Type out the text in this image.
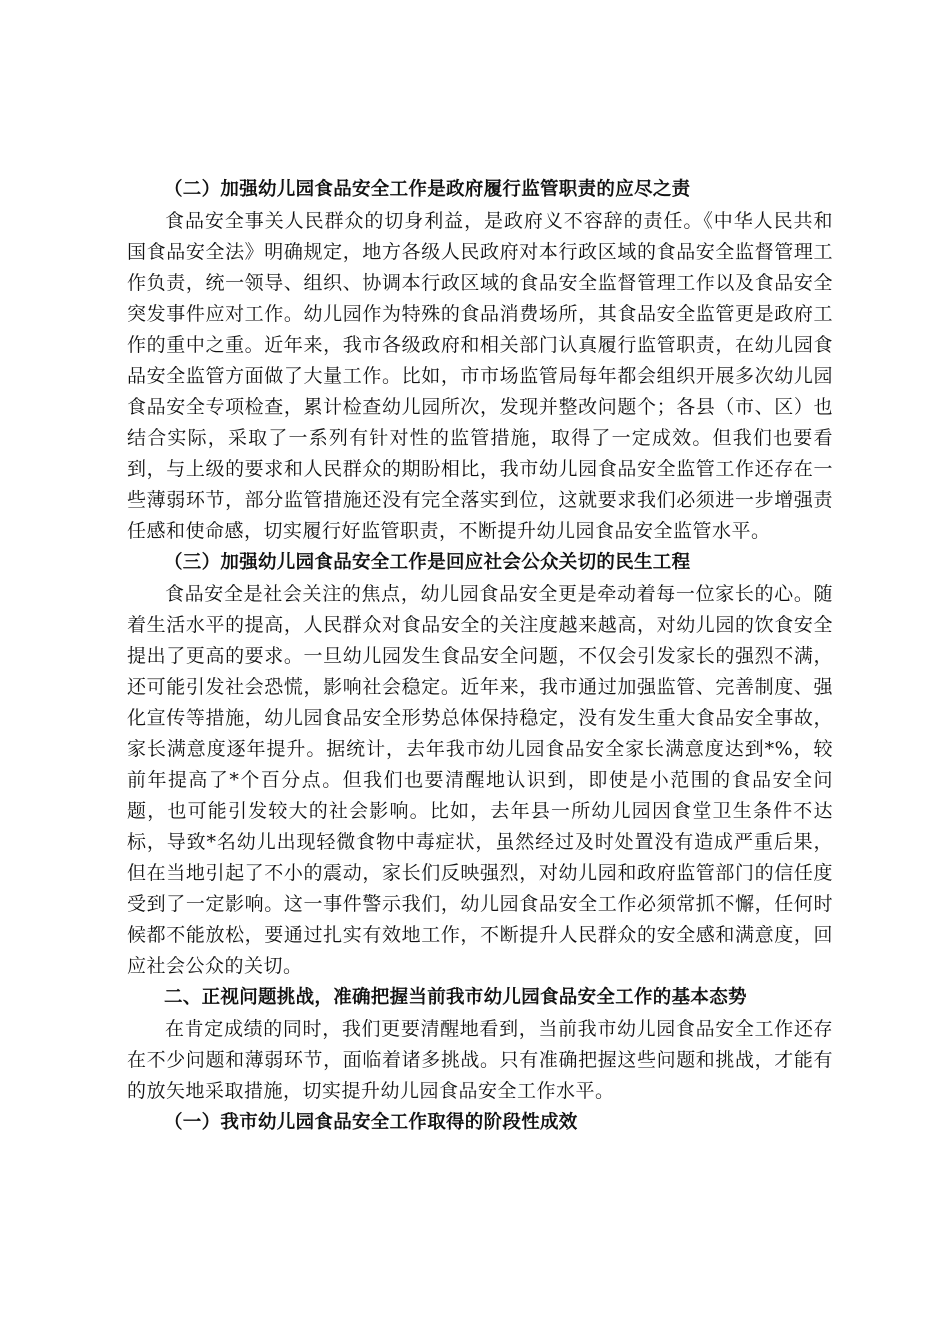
（二）加强幼儿园食品安全工作是政府履行监管职责的应尽之责

食品安全事关人民群众的切身利益，是政府义不容辞的责任。《中华人民共和国食品安全法》明确规定，地方各级人民政府对本行政区域的食品安全监督管理工作负责，统一领导、组织、协调本行政区域的食品安全监督管理工作以及食品安全突发事件应对工作。幼儿园作为特殊的食品消费场所，其食品安全监管更是政府工作的重中之重。近年来，我市各级政府和相关部门认真履行监管职责，在幼儿园食品安全监管方面做了大量工作。比如，市市场监管局每年都会组织开展多次幼儿园食品安全专项检查，累计检查幼儿园所次，发现并整改问题个；各县（市、区）也结合实际，采取了一系列有针对性的监管措施，取得了一定成效。但我们也要看到，与上级的要求和人民群众的期盼相比，我市幼儿园食品安全监管工作还存在一些薄弱环节，部分监管措施还没有完全落实到位，这就要求我们必须进一步增强责任感和使命感，切实履行好监管职责，不断提升幼儿园食品安全监管水平。

（三）加强幼儿园食品安全工作是回应社会公众关切的民生工程

食品安全是社会关注的焦点，幼儿园食品安全更是牵动着每一位家长的心。随着生活水平的提高，人民群众对食品安全的关注度越来越高，对幼儿园的饮食安全提出了更高的要求。一旦幼儿园发生食品安全问题，不仅会引发家长的强烈不满，还可能引发社会恐慌，影响社会稳定。近年来，我市通过加强监管、完善制度、强化宣传等措施，幼儿园食品安全形势总体保持稳定，没有发生重大食品安全事故，家长满意度逐年提升。据统计，去年我市幼儿园食品安全家长满意度达到*%，较前年提高了*个百分点。但我们也要清醒地认识到，即使是小范围的食品安全问题，也可能引发较大的社会影响。比如，去年县一所幼儿园因食堂卫生条件不达标，导致*名幼儿出现轻微食物中毒症状，虽然经过及时处置没有造成严重后果，但在当地引起了不小的震动，家长们反映强烈，对幼儿园和政府监管部门的信任度受到了一定影响。这一事件警示我们，幼儿园食品安全工作必须常抓不懈，任何时候都不能放松，要通过扎实有效地工作，不断提升人民群众的安全感和满意度，回应社会公众的关切。

二、正视问题挑战，准确把握当前我市幼儿园食品安全工作的基本态势

在肯定成绩的同时，我们更要清醒地看到，当前我市幼儿园食品安全工作还存在不少问题和薄弱环节，面临着诸多挑战。只有准确把握这些问题和挑战，才能有的放矢地采取措施，切实提升幼儿园食品安全工作水平。

（一）我市幼儿园食品安全工作取得的阶段性成效
